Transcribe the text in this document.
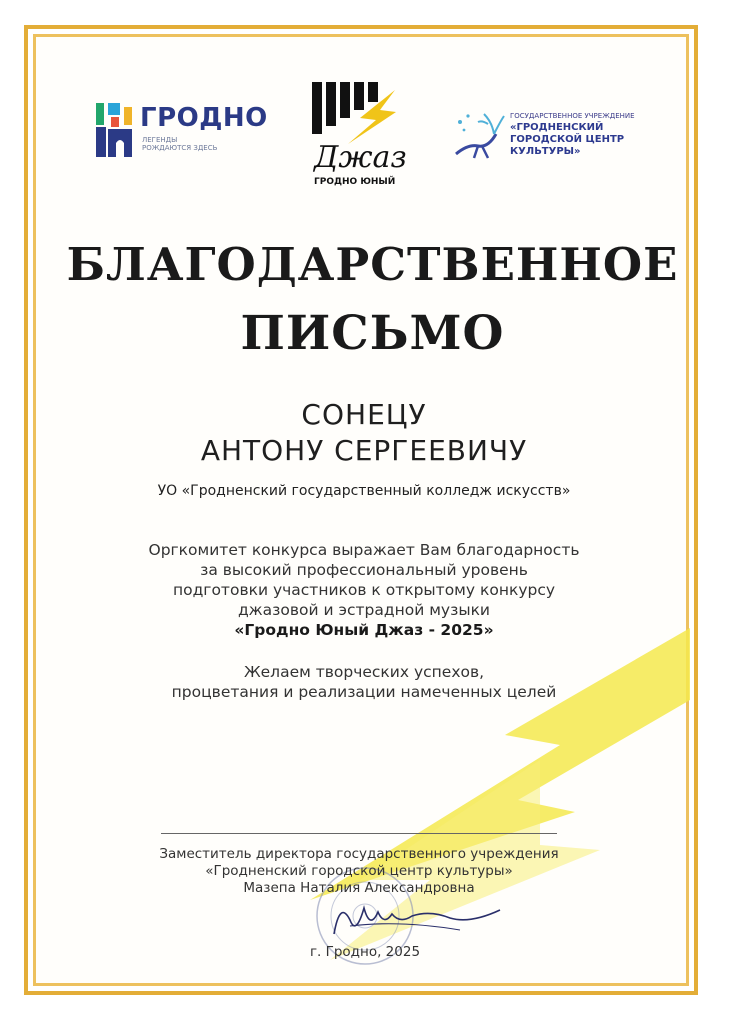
ГРОДНО
ЛЕГЕНДЫ РОЖДАЮТСЯ ЗДЕСЬ	Джаз
ГРОДНО ЮНЫЙ
ГОСУДАРСТВЕННОЕ УЧРЕЖДЕНИЕ
«ГРОДНЕНСКИЙ ГОРОДСКОЙ ЦЕНТР КУЛЬТУРЫ»
БЛАГОДАРСТВЕННОЕ
ПИСЬМО
СОНЕЦУ
АНТОНУ СЕРГЕЕВИЧУ
УО «Гродненский государственный колледж искусств»
Оргкомитет конкурса выражает Вам благодарность
за высокий профессиональный уровень
подготовки участников к открытому конкурсу
джазовой и эстрадной музыки
«Гродно Юный Джаз - 2025»
Желаем творческих успехов,
процветания и реализации намеченных целей
Заместитель директора государственного учреждения
«Гродненский городской центр культуры»
Мазепа Наталия Александровна
г. Гродно, 2025
